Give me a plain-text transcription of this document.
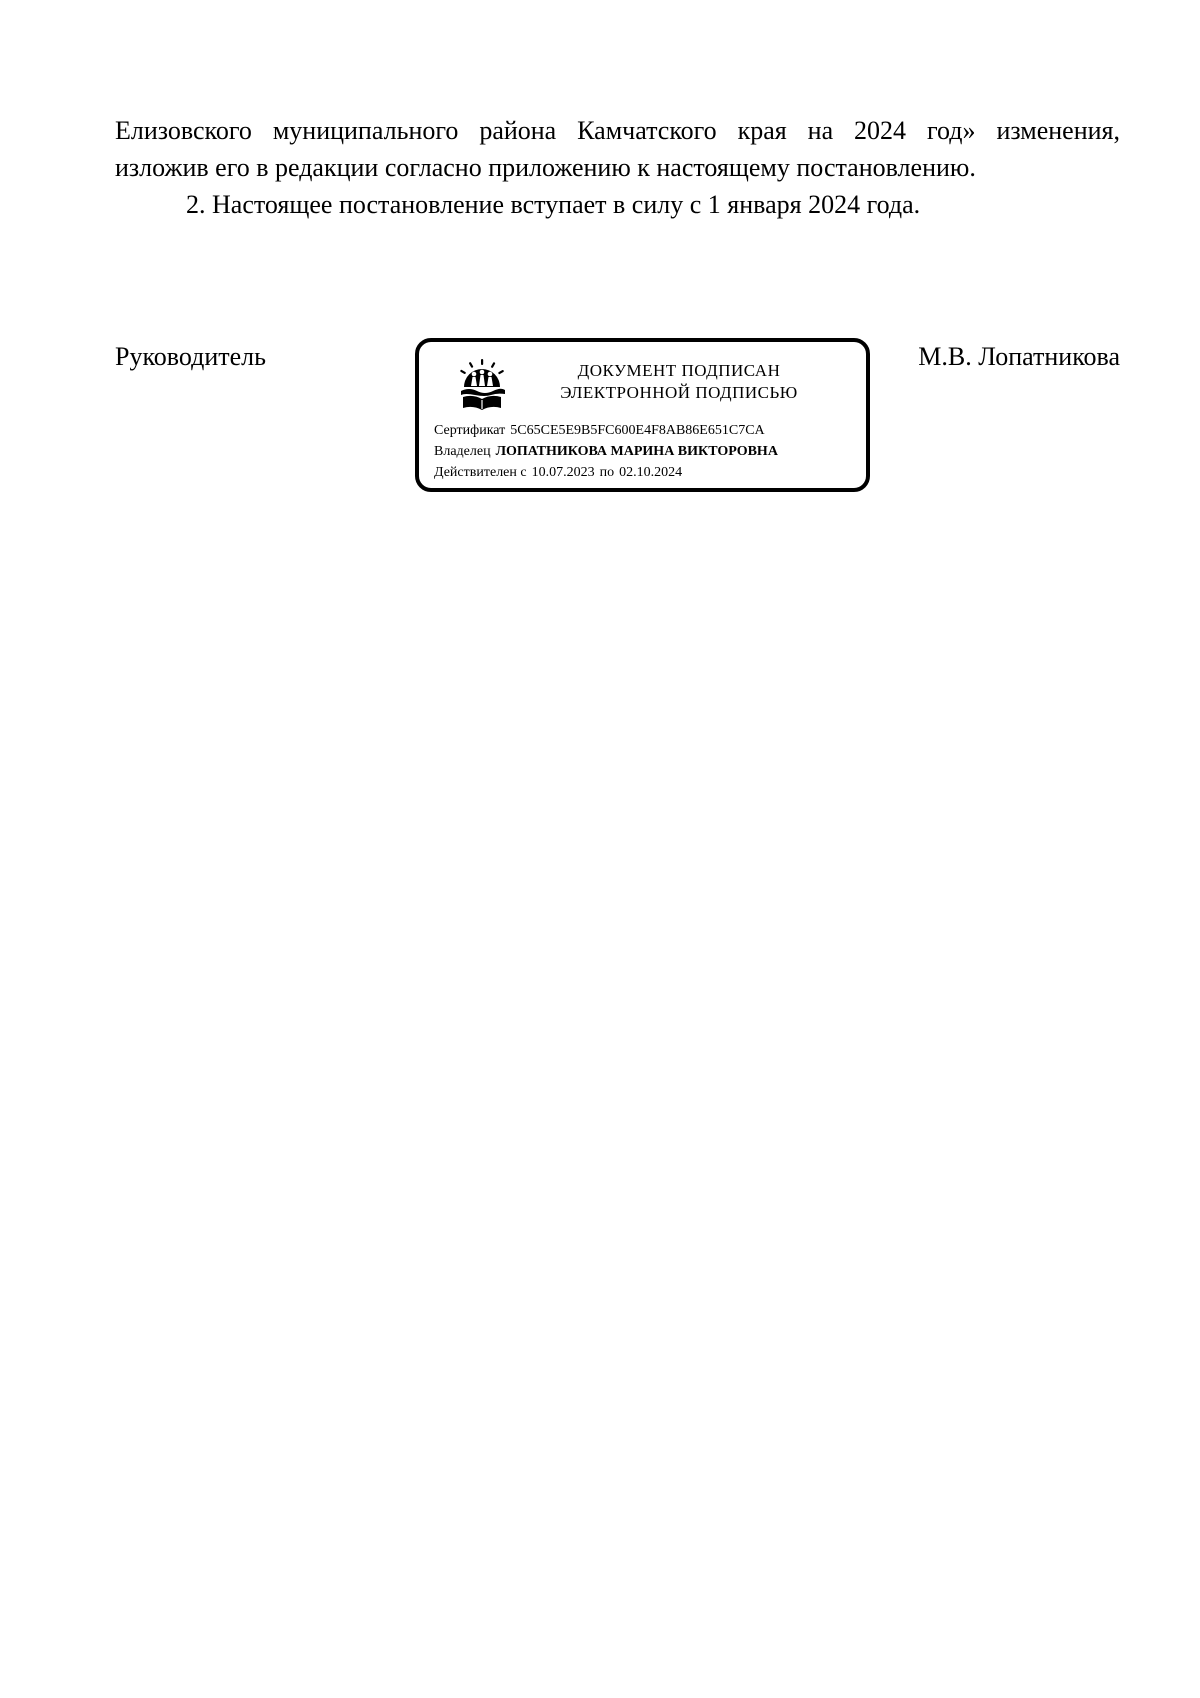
Елизовского муниципального района Камчатского края на 2024 год» изменения,

изложив его в редакции согласно приложению к настоящему постановлению.

2. Настоящее постановление вступает в силу с 1 января 2024 года.

Руководитель	ДОКУМЕНТ ПОДПИСАН
ЭЛЕКТРОННОЙ ПОДПИСЬЮ
Сертификат 5C65CE5E9B5FC600E4F8AB86E651C7CA
Владелец ЛОПАТНИКОВА МАРИНА ВИКТОРОВНА
Действителен с 10.07.2023 по 02.10.2024
М.В. Лопатникова
